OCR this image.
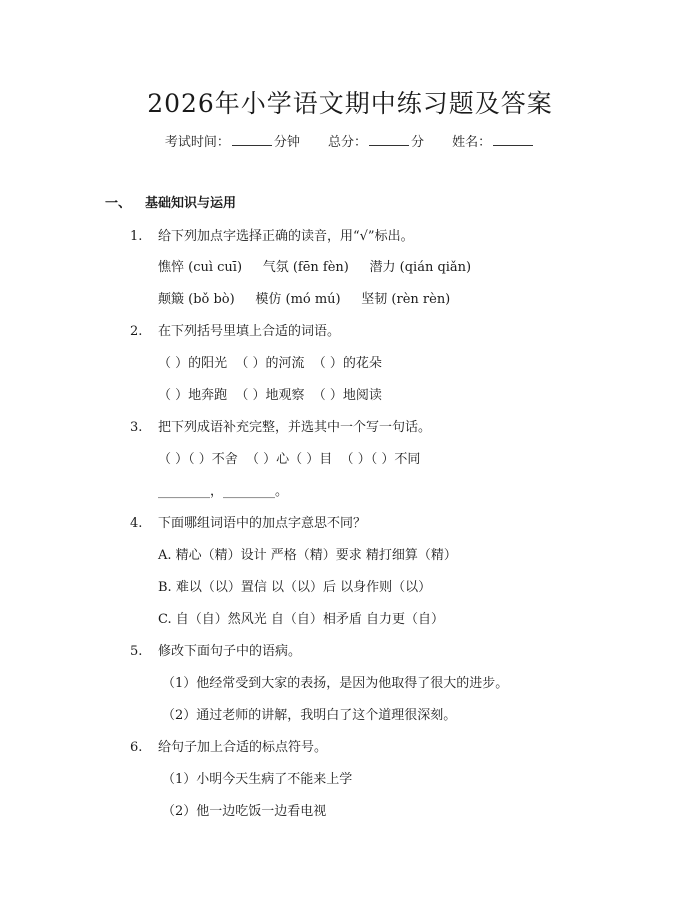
2026年小学语文期中练习题及答案
考试时间：	分钟 总分：	分 姓名：
一、 基础知识与运用
1. 给下列加点字选择正确的读音，用“√”标出。
憔悴 (cuì cuī)     气氛 (fēn fèn)     潜力 (qián qiǎn)
颠簸 (bǒ bò)     模仿 (mó mú)     坚韧 (rèn rèn)
2. 在下列括号里填上合适的词语。
（ ）的阳光  （ ）的河流  （ ）的花朵
（ ）地奔跑  （ ）地观察  （ ）地阅读
3. 把下列成语补充完整，并选其中一个写一句话。
（ ）（ ）不舍  （ ）心（ ）目  （ ）（ ）不同
________，________。
4. 下面哪组词语中的加点字意思不同？
A. 精心（精）设计 严格（精）要求 精打细算（精）
B. 难以（以）置信 以（以）后 以身作则（以）
C. 自（自）然风光 自（自）相矛盾 自力更（自）
5. 修改下面句子中的语病。
（1）他经常受到大家的表扬，是因为他取得了很大的进步。
（2）通过老师的讲解，我明白了这个道理很深刻。
6. 给句子加上合适的标点符号。
（1）小明今天生病了不能来上学
（2）他一边吃饭一边看电视
